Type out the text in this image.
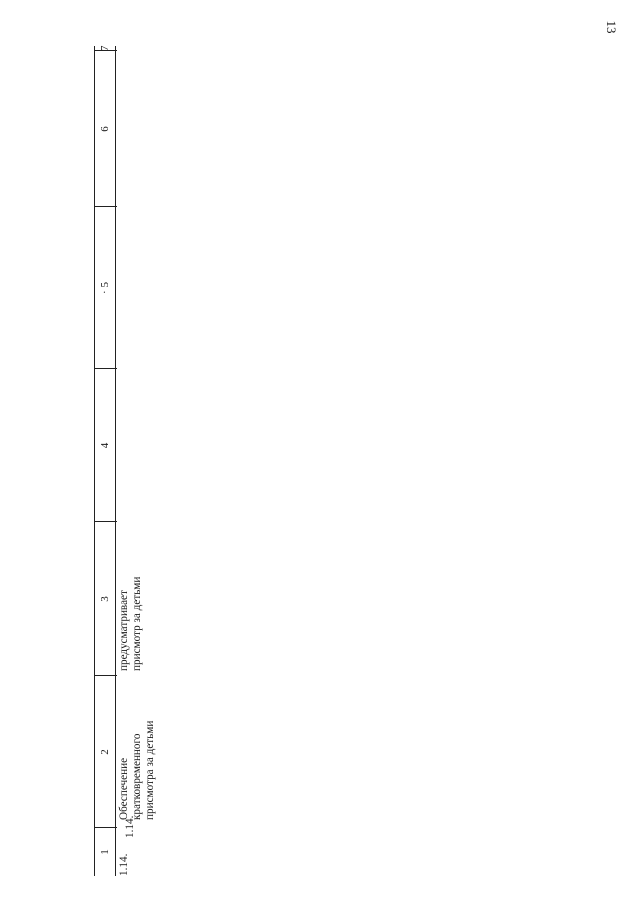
13
1
2
3
4
· 5
6
7
1.14.
1.14.
Обеспечение
кратковременного
присмотра за детьми
предусматривает
присмотр за детьми
